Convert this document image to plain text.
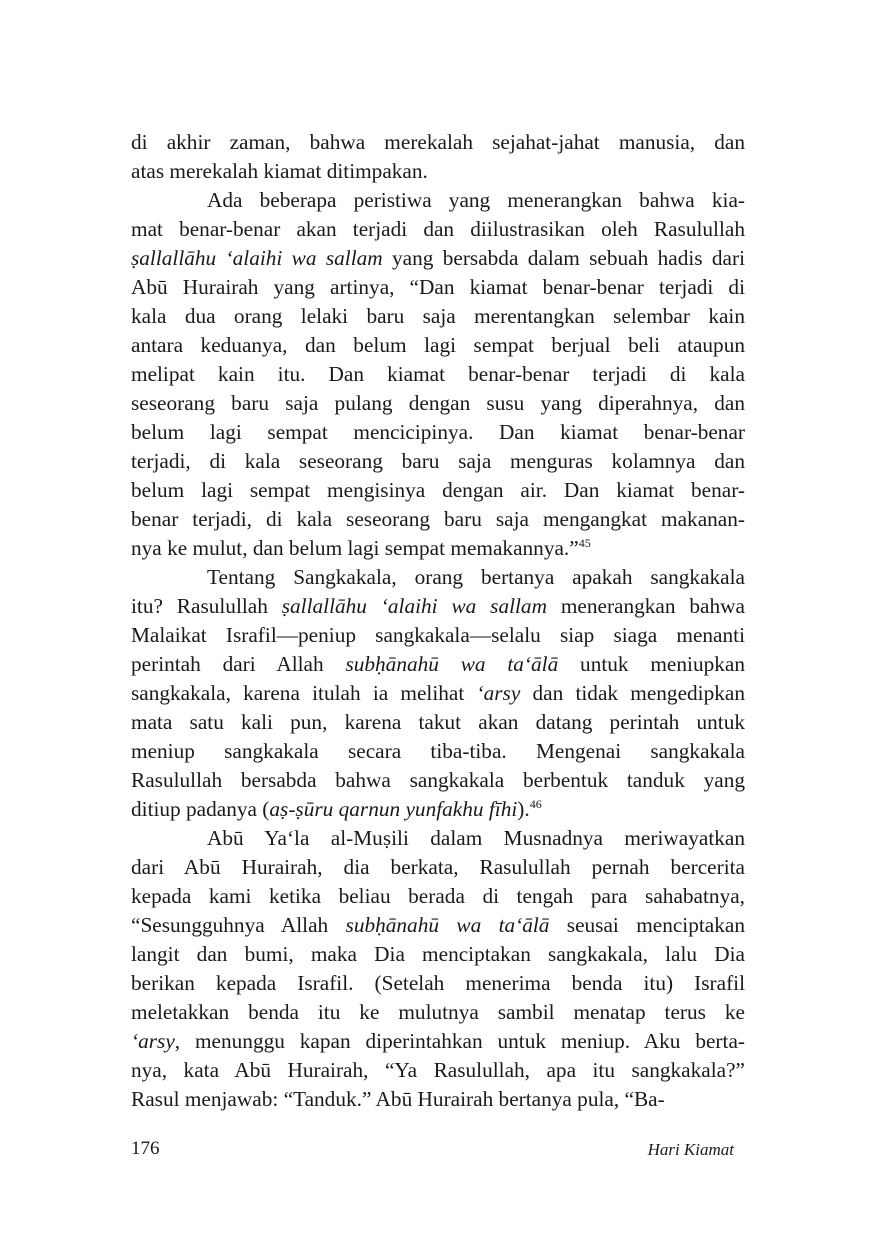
di akhir zaman, bahwa merekalah sejahat-jahat manusia, dan
atas merekalah kiamat ditimpakan.
Ada beberapa peristiwa yang menerangkan bahwa kia-
mat benar-benar akan terjadi dan diilustrasikan oleh Rasulullah
ṣallallāhu ‘alaihi wa sallam yang bersabda dalam sebuah hadis dari
Abū Hurairah yang artinya, “Dan kiamat benar-benar terjadi di
kala dua orang lelaki baru saja merentangkan selembar kain
antara keduanya, dan belum lagi sempat berjual beli ataupun
melipat kain itu. Dan kiamat benar-benar terjadi di kala
seseorang baru saja pulang dengan susu yang diperahnya, dan
belum lagi sempat mencicipinya. Dan kiamat benar-benar
terjadi, di kala seseorang baru saja menguras kolamnya dan
belum lagi sempat mengisinya dengan air. Dan kiamat benar-
benar terjadi, di kala seseorang baru saja mengangkat makanan-
nya ke mulut, dan belum lagi sempat memakannya.”$^{45}$
Tentang Sangkakala, orang bertanya apakah sangkakala
itu? Rasulullah ṣallallāhu ‘alaihi wa sallam menerangkan bahwa
Malaikat Israfil—peniup sangkakala—selalu siap siaga menanti
perintah dari Allah subḥānahū wa ta‘ālā untuk meniupkan
sangkakala, karena itulah ia melihat ‘arsy dan tidak mengedipkan
mata satu kali pun, karena takut akan datang perintah untuk
meniup sangkakala secara tiba-tiba. Mengenai sangkakala
Rasulullah bersabda bahwa sangkakala berbentuk tanduk yang
ditiup padanya (aṣ-ṣūru qarnun yunfakhu fīhi).$^{46}$
Abū Ya‘la al-Muṣili dalam Musnadnya meriwayatkan
dari Abū Hurairah, dia berkata, Rasulullah pernah bercerita
kepada kami ketika beliau berada di tengah para sahabatnya,
“Sesungguhnya Allah subḥānahū wa ta‘ālā seusai menciptakan
langit dan bumi, maka Dia menciptakan sangkakala, lalu Dia
berikan kepada Israfil. (Setelah menerima benda itu) Israfil
meletakkan benda itu ke mulutnya sambil menatap terus ke
‘arsy, menunggu kapan diperintahkan untuk meniup. Aku berta-
nya, kata Abū Hurairah, “Ya Rasulullah, apa itu sangkakala?”
Rasul menjawab: “Tanduk.” Abū Hurairah bertanya pula, “Ba-
176	Hari Kiamat
